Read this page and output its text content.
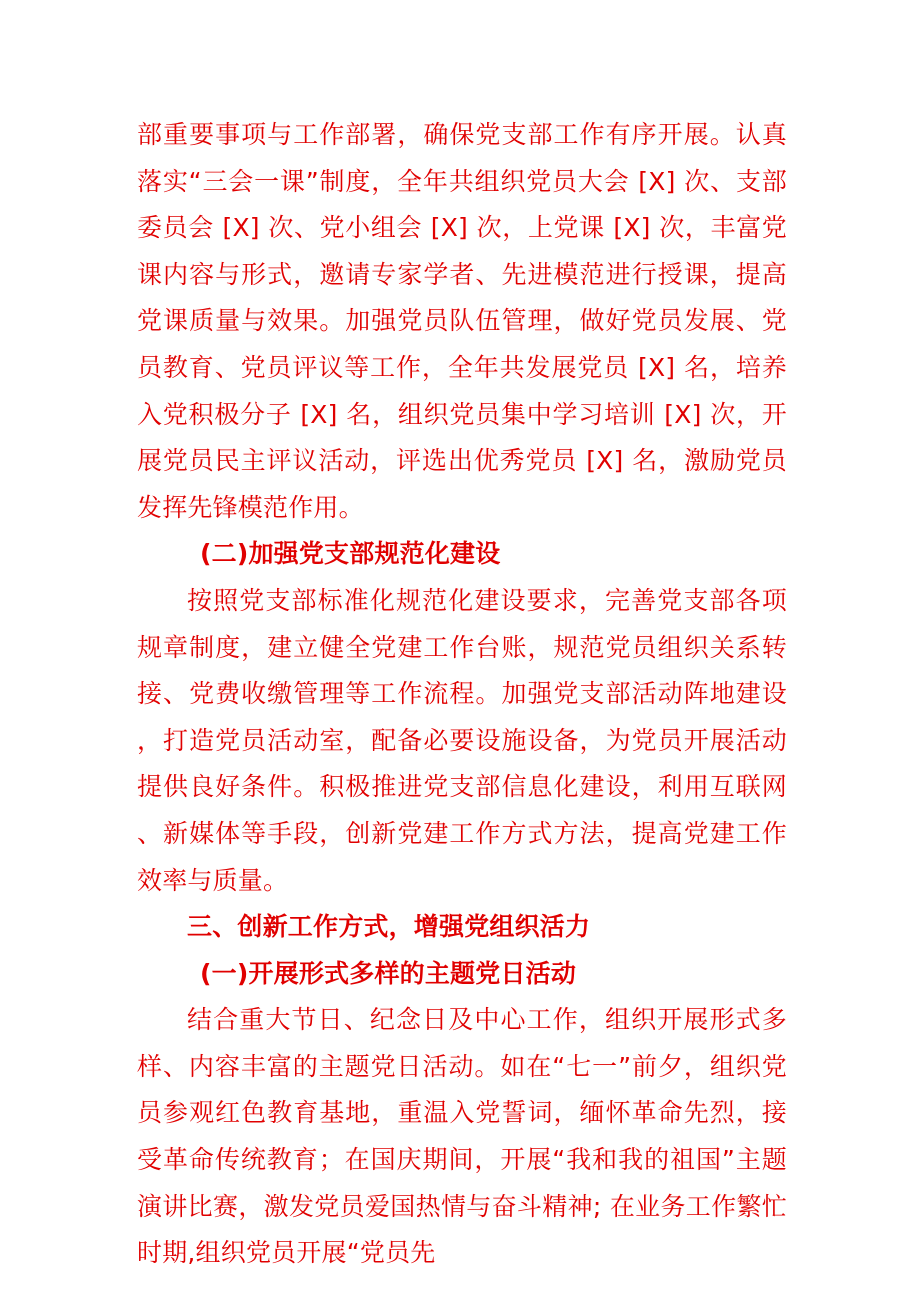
部重要事项与工作部署，确保党支部工作有序开展。认真落实“三会一课”制度，全年共组织党员大会 [X] 次、支部委员会 [X] 次、党小组会 [X] 次，上党课 [X] 次，丰富党课内容与形式，邀请专家学者、先进模范进行授课，提高党课质量与效果。加强党员队伍管理，做好党员发展、党员教育、党员评议等工作，全年共发展党员 [X] 名，培养入党积极分子 [X] 名，组织党员集中学习培训 [X] 次，开展党员民主评议活动，评选出优秀党员 [X] 名，激励党员发挥先锋模范作用。

(二)加强党支部规范化建设

按照党支部标准化规范化建设要求，完善党支部各项规章制度，建立健全党建工作台账，规范党员组织关系转接、党费收缴管理等工作流程。加强党支部活动阵地建设，打造党员活动室，配备必要设施设备，为党员开展活动提供良好条件。积极推进党支部信息化建设，利用互联网、新媒体等手段，创新党建工作方式方法，提高党建工作效率与质量。

三、创新工作方式，增强党组织活力

(一)开展形式多样的主题党日活动

结合重大节日、纪念日及中心工作，组织开展形式多样、内容丰富的主题党日活动。如在“七一”前夕，组织党员参观红色教育基地，重温入党誓词，缅怀革命先烈，接受革命传统教育；在国庆期间，开展“我和我的祖国”主题演讲比赛，激发党员爱国热情与奋斗精神; 在业务工作繁忙时期,组织党员开展“党员先
